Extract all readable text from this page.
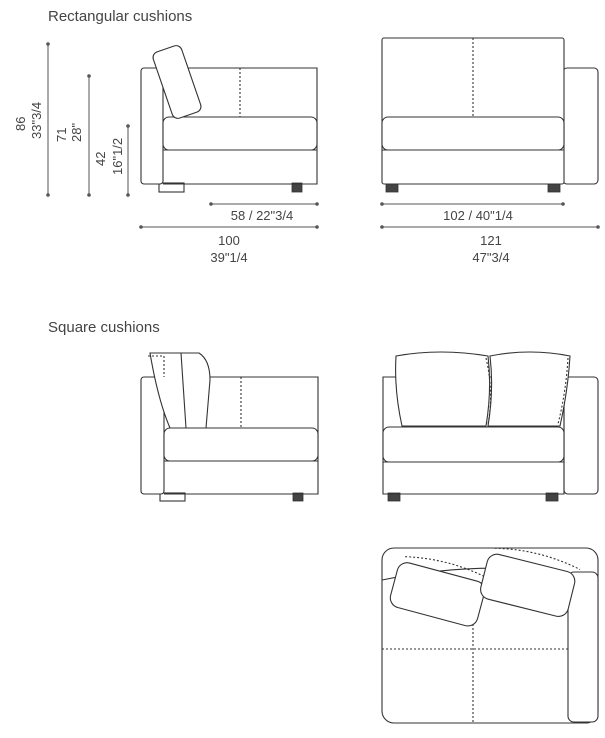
Rectangular cushions
Square cushions
86 33"3/4 71 28"
42 16"1/2
58 / 22"3/4
100
39"1/4
102 / 40"1/4
121
47"3/4
